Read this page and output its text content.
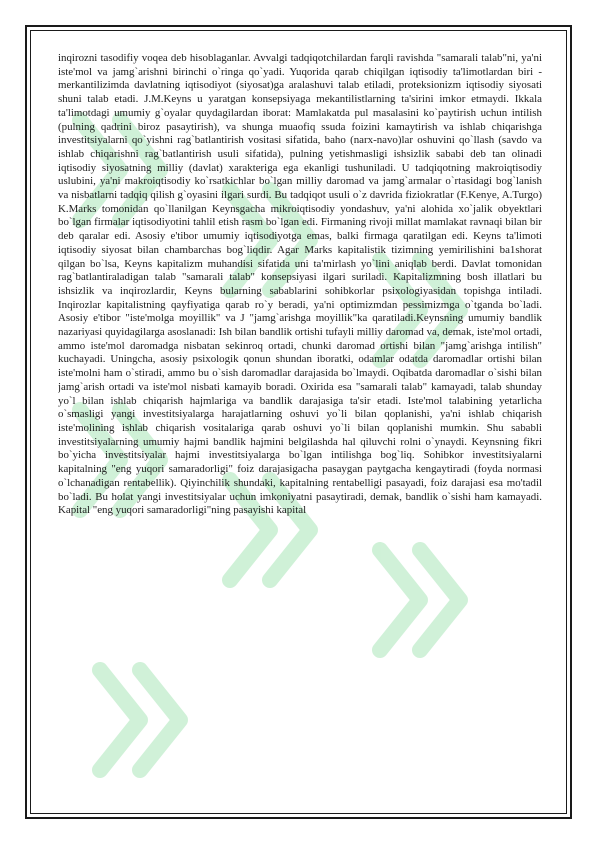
inqirozni tasodifiy voqea deb hisoblaganlar. Avvalgi tadqiqotchilardan farqli ravishda "samarali talab"ni, ya'ni iste'mol va jamg`arishni birinchi o`ringa qo`yadi. Yuqorida qarab chiqilgan iqtisodiy ta'limotlardan biri - merkantilizimda davlatning iqtisodiyot (siyosat)ga aralashuvi talab etiladi, proteksionizm iqtisodiy siyosati shuni talab etadi. J.M.Keyns u yaratgan konsepsiyaga mekantilistlarning ta'sirini imkor etmaydi. Ikkala ta'limotdagi umumiy g`oyalar quydagilardan iborat: Mamlakatda pul masalasini ko`paytirish uchun intilish (pulning qadrini biroz pasaytirish), va shunga muaofiq ssuda foizini kamaytirish va ishlab chiqarishga investitsiyalarni qo`yishni rag`batlantirish vositasi sifatida, baho (narx-navo)lar oshuvini qo`llash (savdo va ishlab chiqarishni rag`batlantirish usuli sifatida), pulning yetishmasligi ishsizlik sababi deb tan olinadi iqtisodiy siyosatning milliy (davlat) xarakteriga ega ekanligi tushuniladi. U tadqiqotning makroiqtisodiy uslubini, ya'ni makroiqtisodiy ko`rsatkichlar bo`lgan milliy daromad va jamg`armalar o`rtasidagi bog`lanish va nisbatlarni tadqiq qilish g`oyasini ilgari surdi. Bu tadqiqot usuli o`z davrida fiziokratlar (F.Kenye, A.Turgo) K.Marks tomonidan qo`llanilgan Keynsgacha mikroiqtisodiy yondashuv, ya'ni alohida xo`jalik obyektlari bo`lgan firmalar iqtisodiyotini tahlil etish rasm bo`lgan edi. Firmaning rivoji millat mamlakat ravnaqi bilan bir deb qaralar edi. Asosiy e'tibor umumiy iqtisodiyotga emas, balki firmaga qaratilgan edi. Keyns ta'limoti iqtisodiy siyosat bilan chambarchas bog`liqdir. Agar Marks kapitalistik tizimning yemirilishini ba1shorat qilgan bo`lsa, Keyns kapitalizm muhandisi sifatida uni ta'mirlash yo`lini aniqlab berdi. Davlat tomonidan rag`batlantiraladigan talab "samarali talab" konsepsiyasi ilgari suriladi. Kapitalizmning bosh illatlari bu ishsizlik va inqirozlardir, Keyns bularning sabablarini sohibkorlar psixologiyasidan topishga intiladi. Inqirozlar kapitalistning qayfiyatiga qarab ro`y beradi, ya'ni optimizmdan pessimizmga o`tganda bo`ladi. Asosiy e'tibor "iste'molga moyillik" va J "jamg`arishga moyillik"ka qaratiladi.Keynsning umumiy bandlik nazariyasi quyidagilarga asoslanadi: Ish bilan bandlik ortishi tufayli milliy daromad va, demak, iste'mol ortadi, ammo iste'mol daromadga nisbatan sekinroq ortadi, chunki daromad ortishi bilan "jamg`arishga intilish" kuchayadi. Uningcha, asosiy psixologik qonun shundan iboratki, odamlar odatda daromadlar ortishi bilan iste'molni ham o`stiradi, ammo bu o`sish daromadlar darajasida bo`lmaydi. Oqibatda daromadlar o`sishi bilan jamg`arish ortadi va iste'mol nisbati kamayib boradi. Oxirida esa "samarali talab" kamayadi, talab shunday yo`l bilan ishlab chiqarish hajmlariga va bandlik darajasiga ta'sir etadi. Iste'mol talabining yetarlicha o`smasligi yangi investitsiyalarga harajatlarning oshuvi yo`li bilan qoplanishi, ya'ni ishlab chiqarish iste'molining ishlab chiqarish vositalariga qarab oshuvi yo`li bilan qoplanishi mumkin. Shu sababli investitsiyalarning umumiy hajmi bandlik hajmini belgilashda hal qiluvchi rolni o`ynaydi. Keynsning fikri bo`yicha investitsiyalar hajmi investitsiyalarga bo`lgan intilishga bog`liq. Sohibkor investitsiyalarni kapitalning "eng yuqori samaradorligi" foiz darajasigacha pasaygan paytgacha kengaytiradi (foyda normasi o`lchanadigan rentabellik). Qiyinchilik shundaki, kapitalning rentabelligi pasayadi, foiz darajasi esa mo'tadil bo`ladi. Bu holat yangi investitsiyalar uchun imkoniyatni pasaytiradi, demak, bandlik o`sishi ham kamayadi. Kapital "eng yuqori samaradorligi"ning pasayishi kapital
